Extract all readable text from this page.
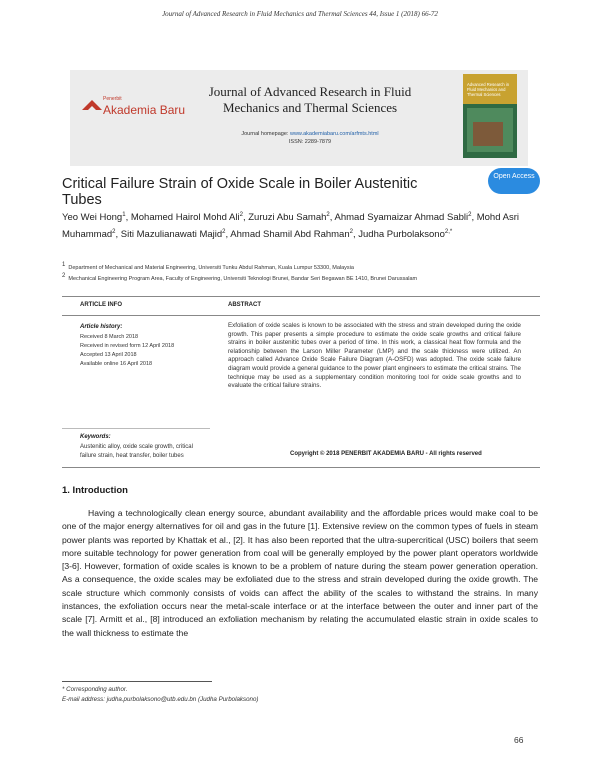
Journal of Advanced Research in Fluid Mechanics and Thermal Sciences 44, Issue 1 (2018) 66-72
Penerbit
Akademia Baru
Journal of Advanced Research in Fluid Mechanics and Thermal Sciences
Journal homepage: www.akademiabaru.com/arfmts.html
ISSN: 2289-7879
Advanced Research in Fluid Mechanics and Thermal Sciences
Critical Failure Strain of Oxide Scale in Boiler Austenitic Tubes
Open Access
Yeo Wei Hong$^1$, Mohamed Hairol Mohd Ali$^2$, Zuruzi Abu Samah$^2$, Ahmad Syamaizar Ahmad Sabli$^2$, Mohd Asri Muhammad$^2$, Siti Mazulianawati Majid$^2$, Ahmad Shamil Abd Rahman$^2$, Judha Purbolaksono$^{2,*}$
$^1$ Department of Mechanical and Material Engineering, Universiti Tunku Abdul Rahman, Kuala Lumpur 53300, Malaysia
$^2$ Mechanical Engineering Program Area, Faculty of Engineering, Universiti Teknologi Brunei, Bandar Seri Begawan BE 1410, Brunei Darussalam
ARTICLE INFO	ABSTRACT
Article history:
Received 8 March 2018
Received in revised form 12 April 2018
Accepted 13 April 2018
Available online 16 April 2018
Exfoliation of oxide scales is known to be associated with the stress and strain developed during the oxide growth. This paper presents a simple procedure to estimate the oxide scale growths and critical failure strains in boiler austenitic tubes over a period of time. In this work, a classical heat flow formula and the relationship between the Larson Miller Parameter (LMP) and the scale thickness were utilized. An approach called Advance Oxide Scale Failure Diagram (A-OSFD) was adopted. The oxide scale failure diagram would provide a general guidance to the power plant engineers to estimate the critical strains. The technique may be used as a supplementary condition monitoring tool for oxide scale growths and to evaluate the critical failure strains.
Keywords:
Austenitic alloy, oxide scale growth, critical failure strain, heat transfer, boiler tubes	Copyright © 2018 PENERBIT AKADEMIA BARU - All rights reserved
1. Introduction
Having a technologically clean energy source, abundant availability and the affordable prices would make coal to be one of the major energy alternatives for oil and gas in the future [1]. Extensive review on the common types of fuels in steam power plants was reported by Khattak et al., [2]. It has also been reported that the ultra-supercritical (USC) boilers that seem more suitable technology for power generation from coal will be generally employed by the power plant operators worldwide [3-6]. However, formation of oxide scales is known to be a problem of nature during the steam power generation operation. As a consequence, the oxide scales may be exfoliated due to the stress and strain developed during the oxide growth. The scale structure which commonly consists of voids can affect the ability of the scales to withstand the strains. In many instances, the exfoliation occurs near the metal-scale interface or at the interface between the outer and inner part of the scale [7]. Armitt et al., [8] introduced an exfoliation mechanism by relating the accumulated elastic strain in oxide scales to the wall thickness to estimate the
* Corresponding author.
E-mail address: judha.purbolaksono@utb.edu.bn (Judha Purbolaksono)
66
